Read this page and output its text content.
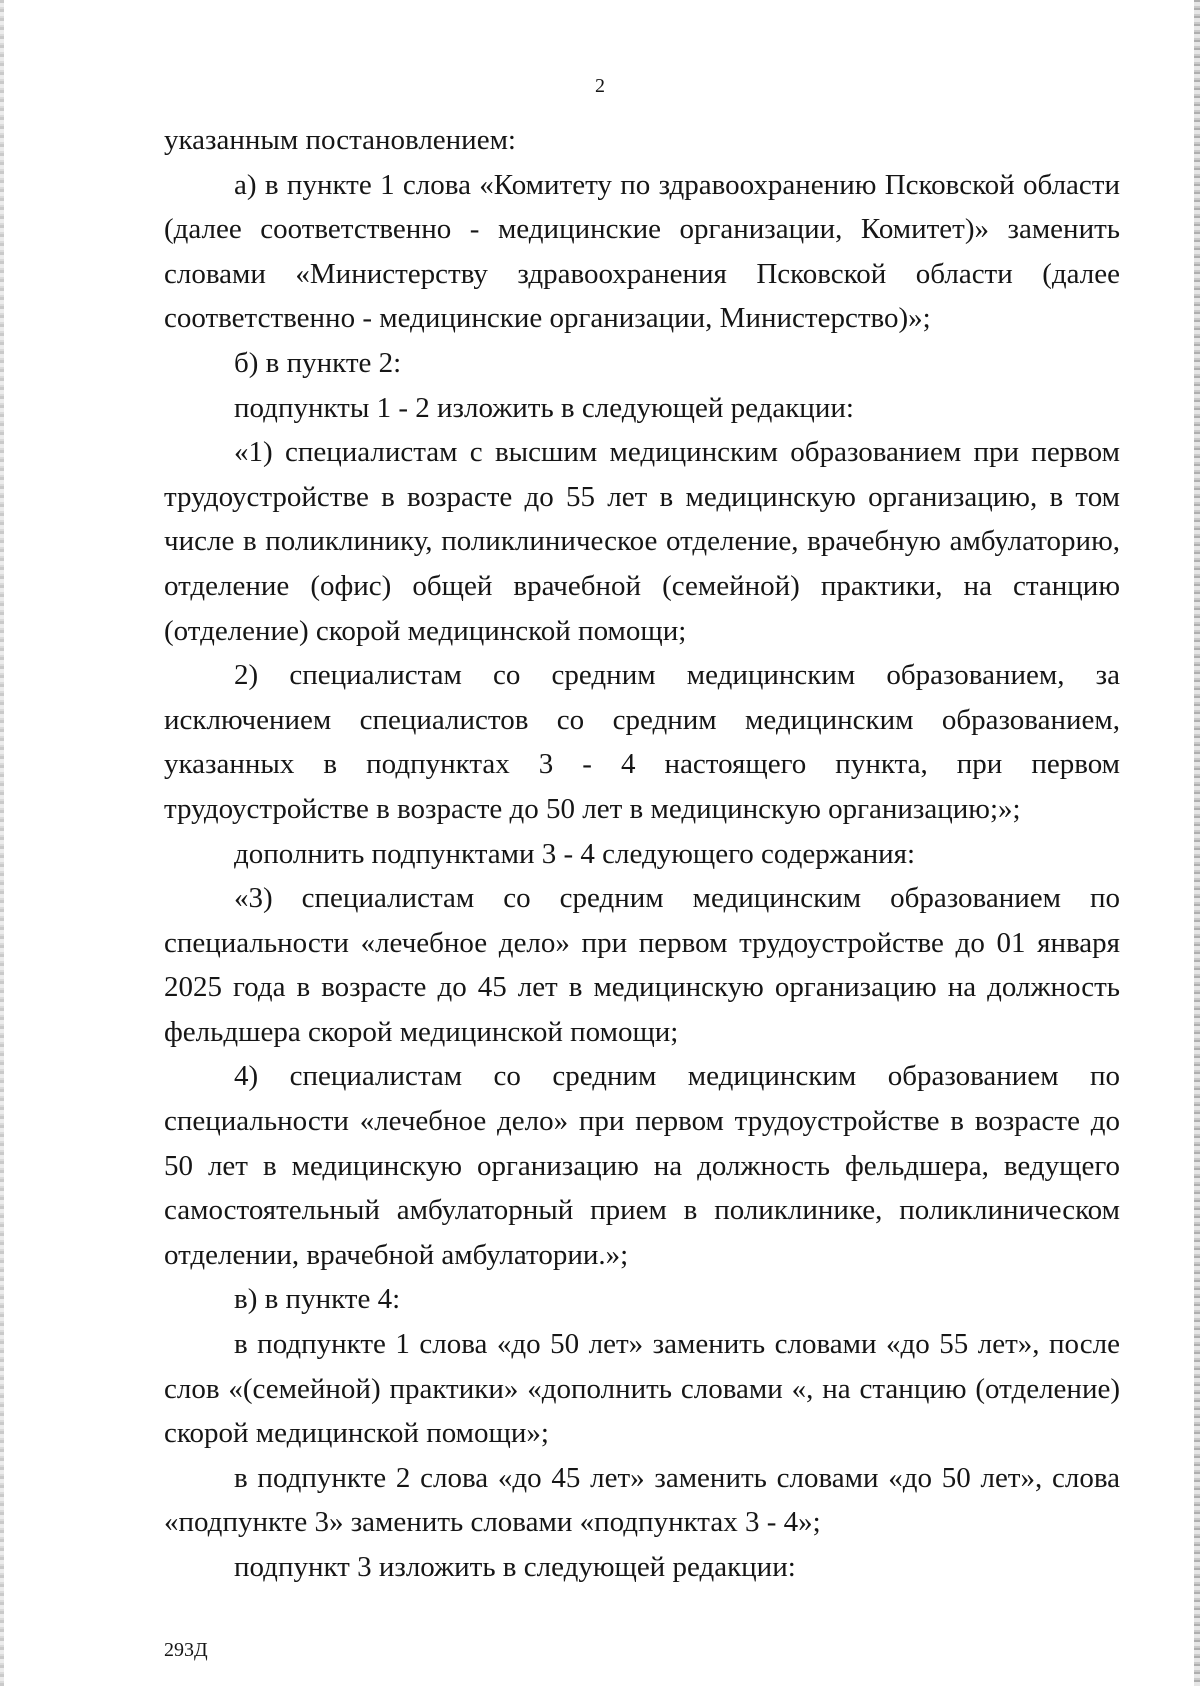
2

указанным постановлением:

а) в пункте 1 слова «Комитету по здравоохранению Псковской области (далее соответственно - медицинские организации, Комитет)» заменить словами «Министерству здравоохранения Псковской области (далее соответственно - медицинские организации, Министерство)»;

б) в пункте 2:

подпункты 1 - 2 изложить в следующей редакции:

«1) специалистам с высшим медицинским образованием при первом трудоустройстве в возрасте до 55 лет в медицинскую организацию, в том числе в поликлинику, поликлиническое отделение, врачебную амбулаторию, отделение (офис) общей врачебной (семейной) практики, на станцию (отделение) скорой медицинской помощи;

2) специалистам со средним медицинским образованием, за исключением специалистов со средним медицинским образованием, указанных в подпунктах 3 - 4 настоящего пункта, при первом трудоустройстве в возрасте до 50 лет в медицинскую организацию;»;

дополнить подпунктами 3 - 4 следующего содержания:

«3) специалистам со средним медицинским образованием по специальности «лечебное дело» при первом трудоустройстве до 01 января 2025 года в возрасте до 45 лет в медицинскую организацию на должность фельдшера скорой медицинской помощи;

4) специалистам со средним медицинским образованием по специальности «лечебное дело» при первом трудоустройстве в возрасте до 50 лет в медицинскую организацию на должность фельдшера, ведущего самостоятельный амбулаторный прием в поликлинике, поликлиническом отделении, врачебной амбулатории.»;

в) в пункте 4:

в подпункте 1 слова «до 50 лет» заменить словами «до 55 лет», после слов «(семейной) практики» «дополнить словами «, на станцию (отделение) скорой медицинской помощи»;

в подпункте 2 слова «до 45 лет» заменить словами «до 50 лет», слова «подпункте 3» заменить словами «подпунктах 3 - 4»;

подпункт 3 изложить в следующей редакции:

293Д
